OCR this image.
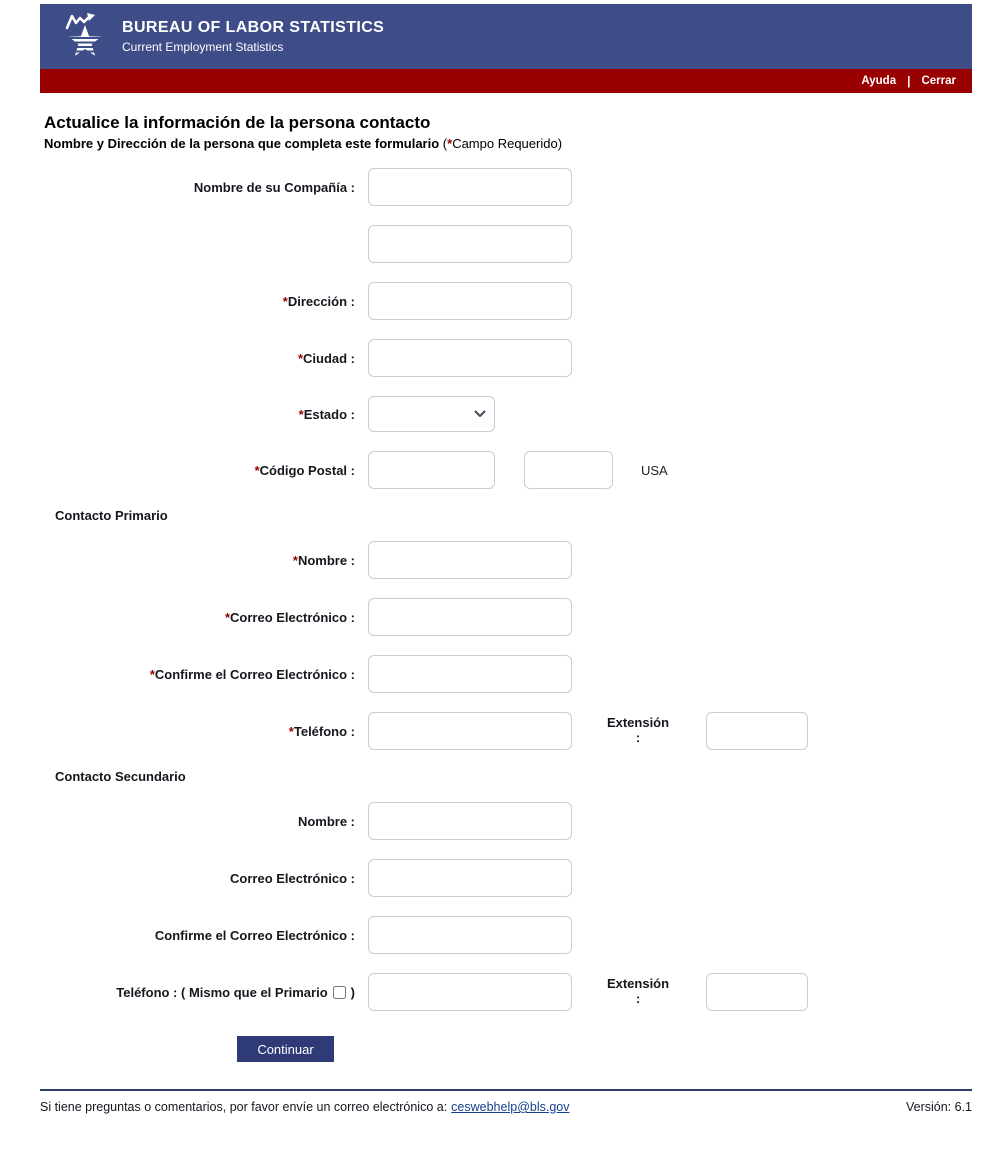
BUREAU OF LABOR STATISTICS
Current Employment Statistics
Ayuda | Cerrar
Actualice la información de la persona contacto
Nombre y Dirección de la persona que completa este formulario (*Campo Requerido)
Nombre de su Compañía :
*Dirección :
*Ciudad :
*Estado :
*Código Postal :	USA
Contacto Primario
*Nombre :
*Correo Electrónico :
*Confirme el Correo Electrónico :
*Teléfono :
Extensión
:
Contacto Secundario
Nombre :
Correo Electrónico :
Confirme el Correo Electrónico :
Teléfono : ( Mismo que el Primario )
Extensión
:
Continuar
Si tiene preguntas o comentarios, por favor envíe un correo electrónico a: ceswebhelp@bls.gov	Versión: 6.1
